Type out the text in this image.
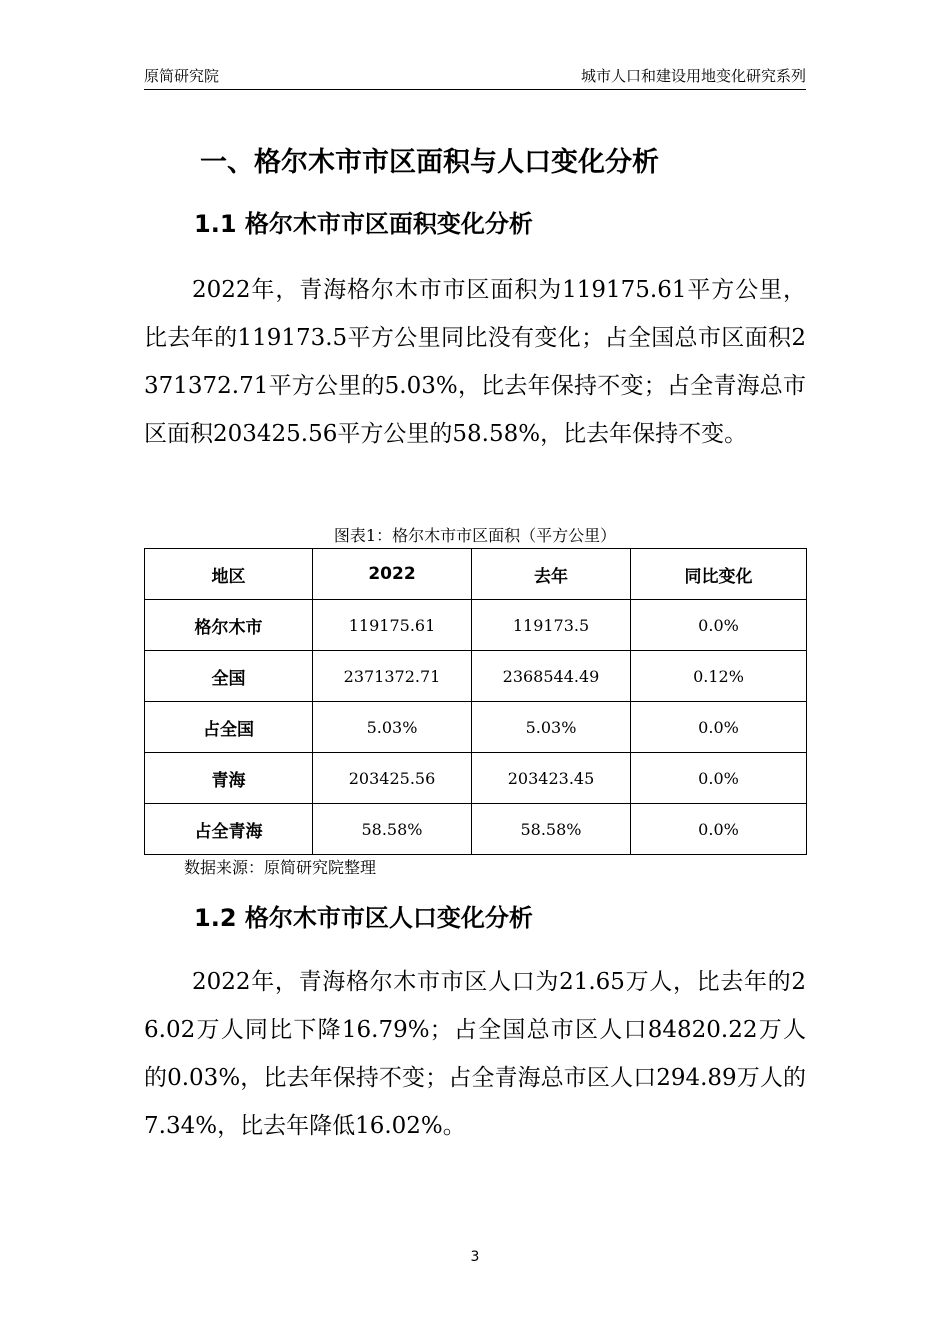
原简研究院	城市人口和建设用地变化研究系列
一、格尔木市市区面积与人口变化分析
1.1 格尔木市市区面积变化分析

2022年，青海格尔木市市区面积为119175.61平方公里，比去年的119173.5平方公里同比没有变化；占全国总市区面积2371372.71平方公里的5.03%，比去年保持不变；占全青海总市区面积203425.56平方公里的58.58%，比去年保持不变。

图表1：格尔木市市区面积（平方公里）
地区	2022	去年	同比变化
格尔木市	119175.61	119173.5	0.0%
全国	2371372.71	2368544.49	0.12%
占全国	5.03%	5.03%	0.0%
青海	203425.56	203423.45	0.0%
占全青海	58.58%	58.58%	0.0%
数据来源：原简研究院整理
1.2 格尔木市市区人口变化分析

2022年，青海格尔木市市区人口为21.65万人，比去年的26.02万人同比下降16.79%；占全国总市区人口84820.22万人的0.03%，比去年保持不变；占全青海总市区人口294.89万人的7.34%，比去年降低16.02%。

3
